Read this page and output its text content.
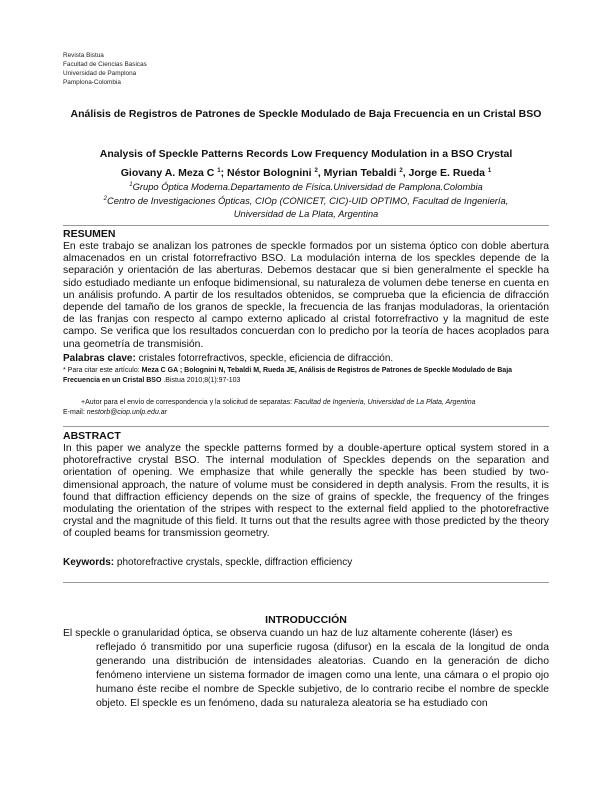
Revista Bistua
Facultad de Ciencias Basicas
Universidad de Pamplona
Pamplona-Colombia
Análisis de Registros de Patrones de Speckle Modulado de Baja Frecuencia en un Cristal BSO
Analysis of Speckle Patterns Records Low Frequency Modulation in a BSO Crystal
Giovany A. Meza C $^1$; Néstor Bolognini $^2$, Myrian Tebaldi $^2$, Jorge E. Rueda $^1$
$^1$Grupo Óptica Moderna.Departamento de Física.Universidad de Pamplona.Colombia
$^2$Centro de Investigaciones Ópticas, CIOp (CONICET, CIC)-UID OPTIMO, Facultad de Ingeniería,
Universidad de La Plata, Argentina
RESUMEN
En este trabajo se analizan los patrones de speckle formados por un sistema óptico con doble abertura almacenados en un cristal fotorrefractivo BSO. La modulación interna de los speckles depende de la separación y orientación de las aberturas. Debemos destacar que si bien generalmente el speckle ha sido estudiado mediante un enfoque bidimensional, su naturaleza de volumen debe tenerse en cuenta en un análisis profundo. A partir de los resultados obtenidos, se comprueba que la eficiencia de difracción depende del tamaño de los granos de speckle, la frecuencia de las franjas moduladoras, la orientación de las franjas con respecto al campo externo aplicado al cristal fotorrefractivo y la magnitud de este campo. Se verifica que los resultados concuerdan con lo predicho por la teoría de haces acoplados para una geometría de transmisión.
Palabras clave: cristales fotorrefractivos, speckle, eficiencia de difracción.
* Para citar este artículo: Meza C GA ; Bolognini N, Tebaldi M, Rueda JE, Análisis de Registros de Patrones de Speckle Modulado de Baja Frecuencia en un Cristal BSO .Bistua 2010;8(1):97-103
+Autor para el envío de correspondencia y la solicitud de separatas: Facultad de Ingeniería, Universidad de La Plata, Argentina
E-mail: nestorb@ciop.unlp.edu.ar
ABSTRACT
In this paper we analyze the speckle patterns formed by a double-aperture optical system stored in a photorefractive crystal BSO. The internal modulation of Speckles depends on the separation and orientation of opening. We emphasize that while generally the speckle has been studied by two-dimensional approach, the nature of volume must be considered in depth analysis. From the results, it is found that diffraction efficiency depends on the size of grains of speckle, the frequency of the fringes modulating the orientation of the stripes with respect to the external field applied to the photorefractive crystal and the magnitude of this field. It turns out that the results agree with those predicted by the theory of coupled beams for transmission geometry.
Keywords: photorefractive crystals, speckle, diffraction efficiency
INTRODUCCIÓN
El speckle o granularidad óptica, se observa cuando un haz de luz altamente coherente (láser) es
reflejado ó transmitido por una superficie rugosa (difusor) en la escala de la longitud de onda generando una distribución de intensidades aleatorias. Cuando en la generación de dicho fenómeno interviene un sistema formador de imagen como una lente, una cámara o el propio ojo humano éste recibe el nombre de Speckle subjetivo, de lo contrario recibe el nombre de speckle objeto. El speckle es un fenómeno, dada su naturaleza aleatoria se ha estudiado con
